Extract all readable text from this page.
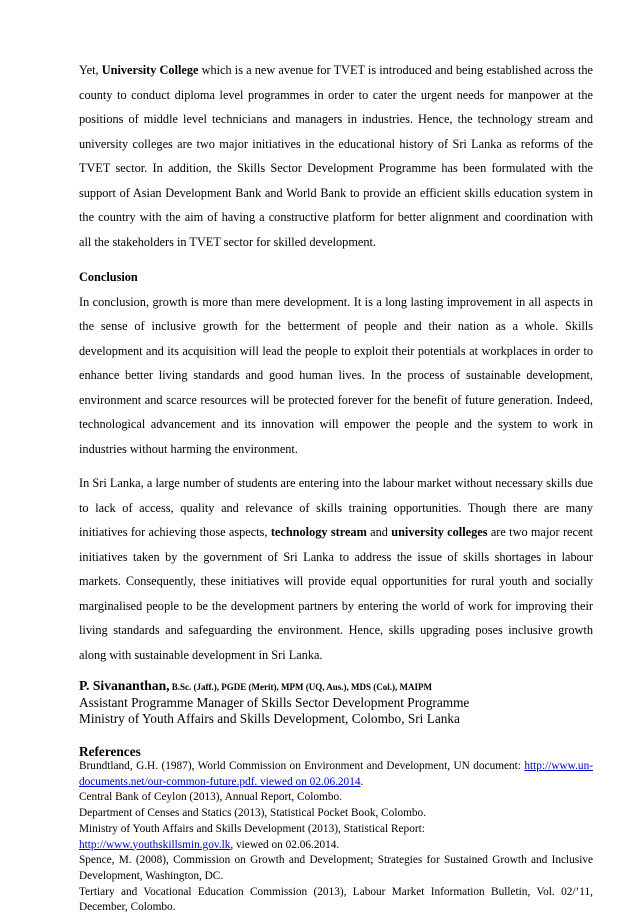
Yet, University College which is a new avenue for TVET is introduced and being established across the county to conduct diploma level programmes in order to cater the urgent needs for manpower at the positions of middle level technicians and managers in industries. Hence, the technology stream and university colleges are two major initiatives in the educational history of Sri Lanka as reforms of the TVET sector. In addition, the Skills Sector Development Programme has been formulated with the support of Asian Development Bank and World Bank to provide an efficient skills education system in the country with the aim of having a constructive platform for better alignment and coordination with all the stakeholders in TVET sector for skilled development.

Conclusion

In conclusion, growth is more than mere development. It is a long lasting improvement in all aspects in the sense of inclusive growth for the betterment of people and their nation as a whole. Skills development and its acquisition will lead the people to exploit their potentials at workplaces in order to enhance better living standards and good human lives. In the process of sustainable development, environment and scarce resources will be protected forever for the benefit of future generation. Indeed, technological advancement and its innovation will empower the people and the system to work in industries without harming the environment.

In Sri Lanka, a large number of students are entering into the labour market without necessary skills due to lack of access, quality and relevance of skills training opportunities. Though there are many initiatives for achieving those aspects, technology stream and university colleges are two major recent initiatives taken by the government of Sri Lanka to address the issue of skills shortages in labour markets. Consequently, these initiatives will provide equal opportunities for rural youth and socially marginalised people to be the development partners by entering the world of work for improving their living standards and safeguarding the environment. Hence, skills upgrading poses inclusive growth along with sustainable development in Sri Lanka.

P. Sivananthan, B.Sc. (Jaff.), PGDE (Merit), MPM (UQ, Aus.), MDS (Col.), MAIPM

Assistant Programme Manager of Skills Sector Development Programme

Ministry of Youth Affairs and Skills Development, Colombo, Sri Lanka

References

Brundtland, G.H. (1987), World Commission on Environment and Development, UN document: http://www.un-documents.net/our-common-future.pdf. viewed on 02.06.2014.

Central Bank of Ceylon (2013), Annual Report, Colombo.

Department of Censes and Statics (2013), Statistical Pocket Book, Colombo.

Ministry of Youth Affairs and Skills Development (2013), Statistical Report:
http://www.youthskillsmin.gov.lk, viewed on 02.06.2014.

Spence, M. (2008), Commission on Growth and Development; Strategies for Sustained Growth and Inclusive Development, Washington, DC.

Tertiary and Vocational Education Commission (2013), Labour Market Information Bulletin, Vol. 02/’11, December, Colombo.
